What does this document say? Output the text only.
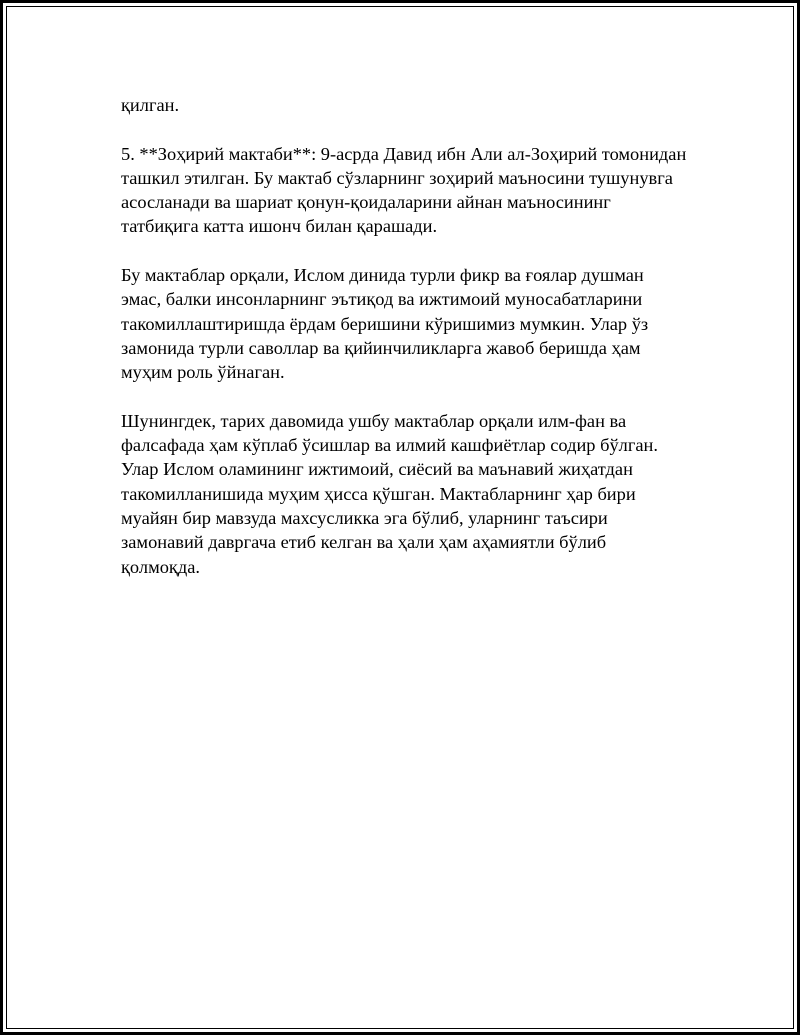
қилган.

5. **Зоҳирий мактаби**: 9-асрда Давид ибн Али ал-Зоҳирий томонидан
ташкил этилган. Бу мактаб сўзларнинг зоҳирий маъносини тушунувга
асосланади ва шариат қонун-қоидаларини айнан маъносининг
татбиқига катта ишонч билан қарашади.

Бу мактаблар орқали, Ислом динида турли фикр ва ғоялар душман
эмас, балки инсонларнинг эътиқод ва ижтимоий муносабатларини
такомиллаштиришда ёрдам беришини кўришимиз мумкин. Улар ўз
замонида турли саволлар ва қийинчиликларга жавоб беришда ҳам
муҳим роль ўйнаган.

Шунингдек, тарих давомида ушбу мактаблар орқали илм-фан ва
фалсафада ҳам кўплаб ўсишлар ва илмий кашфиётлар содир бўлган.
Улар Ислом оламининг ижтимоий, сиёсий ва маънавий жиҳатдан
такомилланишида муҳим ҳисса қўшган. Мактабларнинг ҳар бири
муайян бир мавзуда махсусликка эга бўлиб, уларнинг таъсири
замонавий давргача етиб келган ва ҳали ҳам аҳамиятли бўлиб
қолмоқда.
